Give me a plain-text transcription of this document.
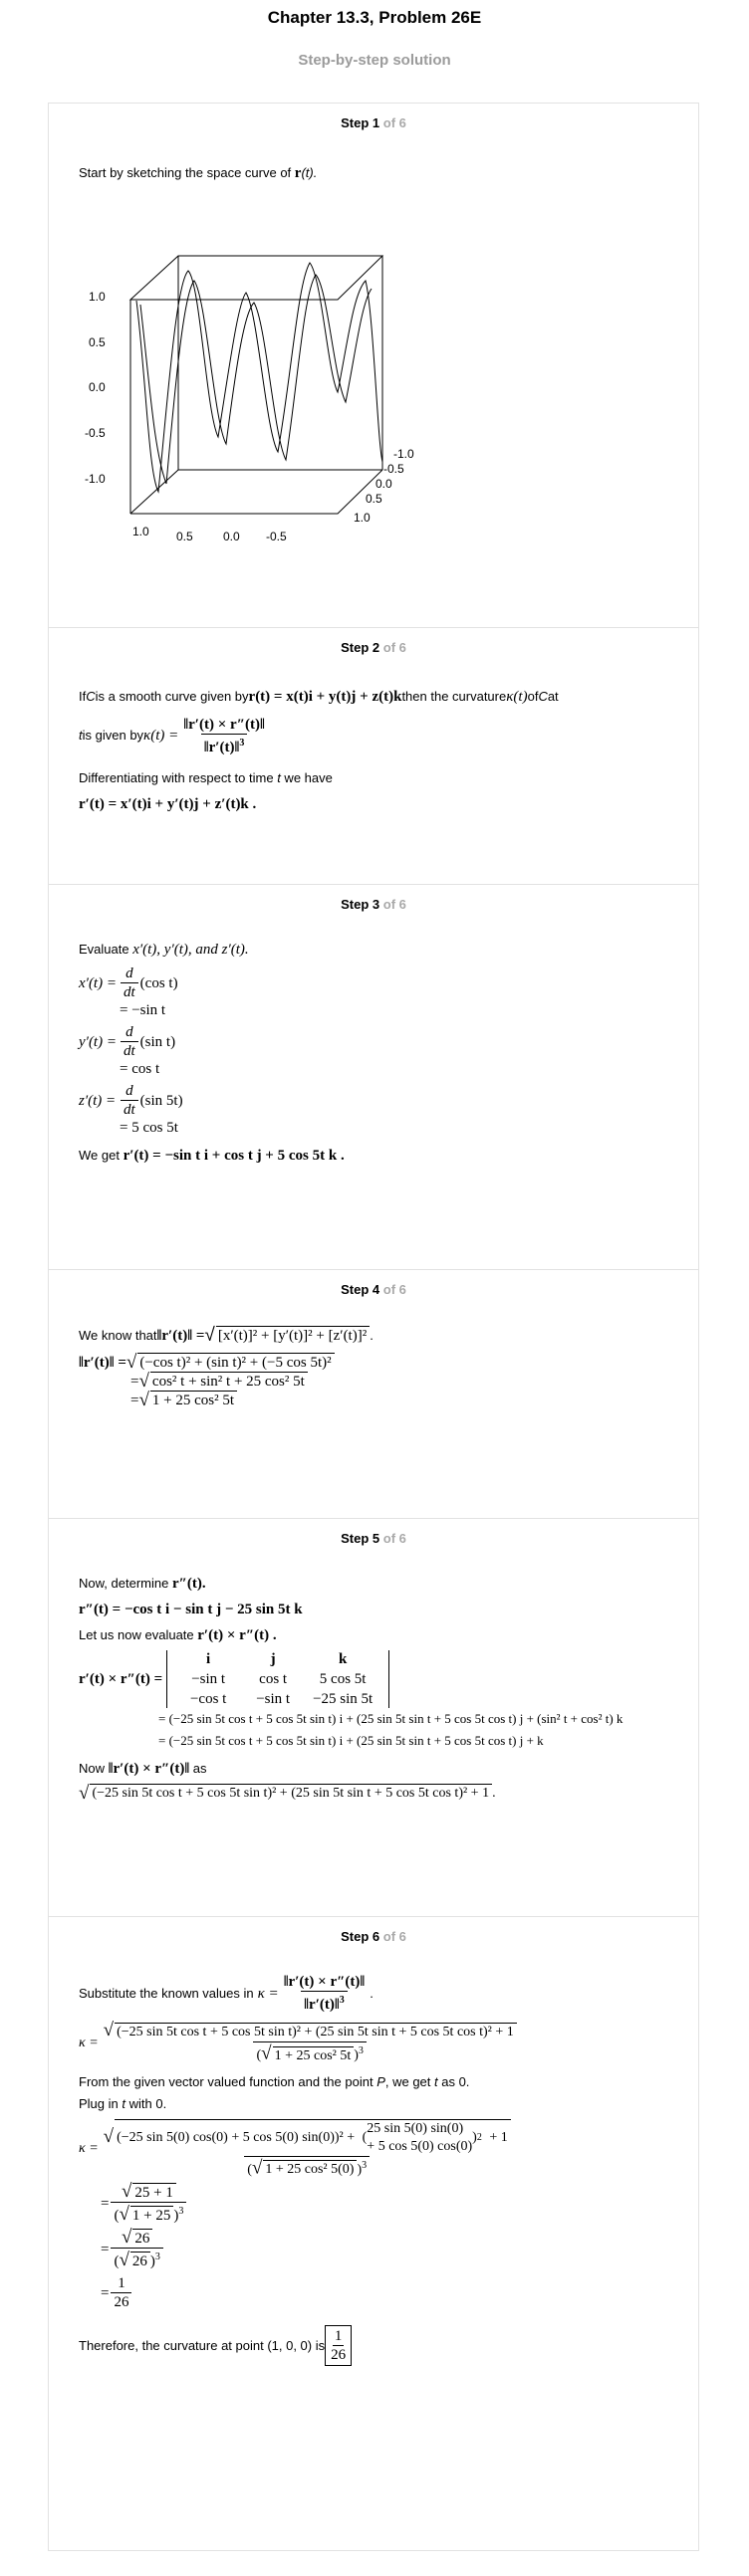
Chapter 13.3, Problem 26E
Step-by-step solution
Step 1 of 6
Start by sketching the space curve of r(t).
1.0
0.5
0.0
-0.5
-1.0
1.0 0.5	0.0 -0.5
-1.0
-0.5
0.0
0.5
1.0
Step 2 of 6
If C is a smooth curve given by r(t) = x(t)i + y(t)j + z(t)k then the curvature κ(t) of C at
t is given by $\kappa(t) = \frac{‖r'(t) \times r''(t)‖}{‖r'(t)‖^3}$
Differentiating with respect to time t we have
r′(t) = x′(t)i + y′(t)j + z′(t)k .
Step 3 of 6
Evaluate x′(t), y′(t), and z′(t).
$x'(t) = \frac{d}{dt} (\cos$ t)
= −sin t
$y'(t) = \frac{d}{dt} (\sin$ t)
= cos t
$z'(t) = \frac{d}{dt} (\sin$ 5t)
= 5 cos 5t
We get r′(t) = −sin t i + cos t j + 5 cos 5t k .
Step 4 of 6
We know that ‖r′(t)‖ = √ [x′(t)]² + [y′(t)]² + [z′(t)]² .
‖r′(t)‖ = √ (−cos t)² + (sin t)² + (−5 cos 5t)²
= √ cos² t + sin² t + 25 cos² 5t
= √ 1 + 25 cos² 5t
Step 5 of 6
Now, determine r″(t).
r″(t) = −cos t i − sin t j − 25 sin 5t k
Let us now evaluate r′(t) × r″(t) .
r′(t) × r″(t) =
i	j	k
−sin t	cos t	5 cos 5t
−cos t	−sin t	−25 sin 5t
= (−25 sin 5t cos t + 5 cos 5t sin t) i + (25 sin 5t sin t + 5 cos 5t cos t) j + (sin² t + cos² t) k
= (−25 sin 5t cos t + 5 cos 5t sin t) i + (25 sin 5t sin t + 5 cos 5t cos t) j + k
Now ‖r′(t) × r″(t)‖ as
√ (−25 sin 5t cos t + 5 cos 5t sin t)² + (25 sin 5t sin t + 5 cos 5t cos t)² + 1 .
Step 6 of 6
Substitute the known values in $\kappa = \frac{‖r'(t) \times r''(t)‖}{‖r'(t)‖^3}$ .
κ =
√ (−25 sin 5t cos t + 5 cos 5t sin t)² + (25 sin 5t sin t + 5 cos 5t cos t)² + 1
(√ 1 + 25 cos² 5t )$^3$
From the given vector valued function and the point P, we get t as 0.
Plug in t with 0.
κ =
√ (−25 sin 5(0) cos(0) + 5 cos 5(0) sin(0))² + (
25 sin 5(0) sin(0)
+ 5 cos 5(0) cos(0)
) 2 + 1
(√ 1 + 25 cos² 5(0) )$^3$
= $\frac{√ 25 + 1}{(√ 1 + 25 )^3}$
= $\frac{√ 26}{(√ 26 )^3}$
= $\frac{1}{26}$
Therefore, the curvature at point (1, 0, 0) is
1
26
